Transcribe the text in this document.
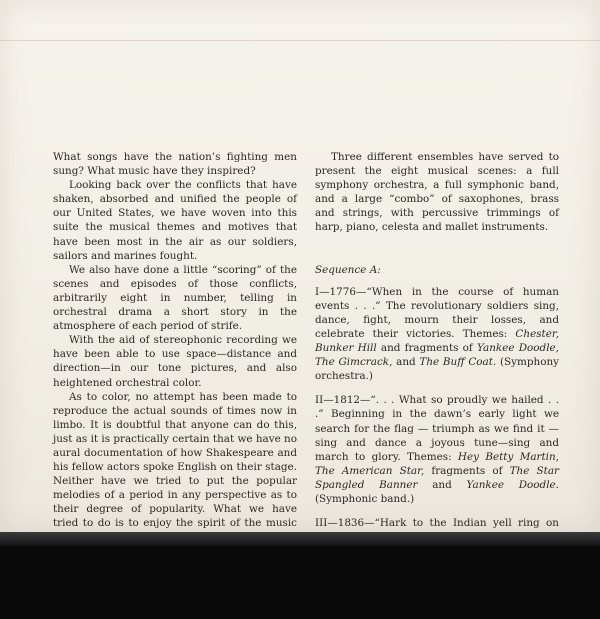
What songs have the nation’s fighting men sung? What music have they inspired?

Looking back over the conflicts that have shaken, absorbed and unified the people of our United States, we have woven into this suite the musical themes and motives that have been most in the air as our soldiers, sailors and marines fought.

We also have done a little “scoring” of the scenes and episodes of those conflicts, arbitrarily eight in number, telling in orchestral drama a short story in the atmosphere of each period of strife.

With the aid of stereophonic recording we have been able to use space—distance and direction—in our tone pictures, and also heightened orchestral color.

As to color, no attempt has been made to reproduce the actual sounds of times now in limbo. It is doubtful that anyone can do this, just as it is practically certain that we have no aural documentation of how Shakespeare and his fellow actors spoke English on their stage. Neither have we tried to put the popular melodies of a period in any perspective as to their degree of popularity. What we have tried to do is to enjoy the spirit of the music

Three different ensembles have served to present the eight musical scenes: a full symphony orchestra, a full symphonic band, and a large “combo” of saxophones, brass and strings, with percussive trimmings of harp, piano, celesta and mallet instruments.

Sequence A:

I—1776—“When in the course of human events . . .” The revolutionary soldiers sing, dance, fight, mourn their losses, and celebrate their victories. Themes: Chester, Bunker Hill and fragments of Yankee Doodle, The Gimcrack, and The Buff Coat. (Symphony orchestra.)

II—1812—“. . . What so proudly we hailed . . .” Beginning in the dawn’s early light we search for the flag — triumph as we find it — sing and dance a joyous tune—sing and march to glory. Themes: Hey Betty Martin, The American Star, fragments of The Star Spangled Banner and Yankee Doodle. (Symphonic band.)

III—1836—“Hark to the Indian yell ring on
